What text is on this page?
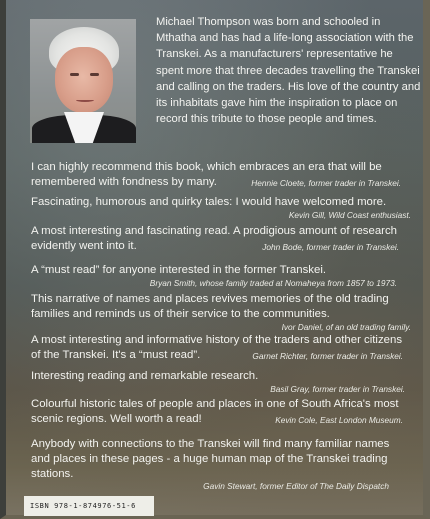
Michael Thompson was born and schooled in Mthatha and has had a life-long association with the Transkei. As a manufacturers' representative he spent more that three decades travelling the Transkei and calling on the traders. His love of the country and its inhabitats gave him the inspiration to place on record this tribute to those people and times.

I can highly recommend this book, which embraces an era that will be remembered with fondness by many.	Hennie Cloete, former trader in Transkei.

Fascinating, humorous and quirky tales: I would have welcomed more.

Kevin Gill, Wild Coast enthusiast.

A most interesting and fascinating read. A prodigious amount of research evidently went into it.	John Bode, former trader in Transkei.

A “must read” for anyone interested in the former Transkei.

Bryan Smith, whose family traded at Nomaheya from 1857 to 1973.

This narrative of names and places revives memories of the old trading families and reminds us of their service to the communities.

Ivor Daniel, of an old trading family.

A most interesting and informative history of the traders and other citizens of the Transkei. It's a “must read”.	Garnet Richter, former trader in Transkei.

Interesting reading and remarkable research.

Basil Gray, former trader in Transkei.

Colourful historic tales of people and places in one of South Africa's most scenic regions. Well worth a read!	Kevin Cole, East London Museum.

Anybody with connections to the Transkei will find many familiar names and places in these pages - a huge human map of the Transkei trading stations.

Gavin Stewart, former Editor of The Daily Dispatch

ISBN 978-1-874976-51-6
